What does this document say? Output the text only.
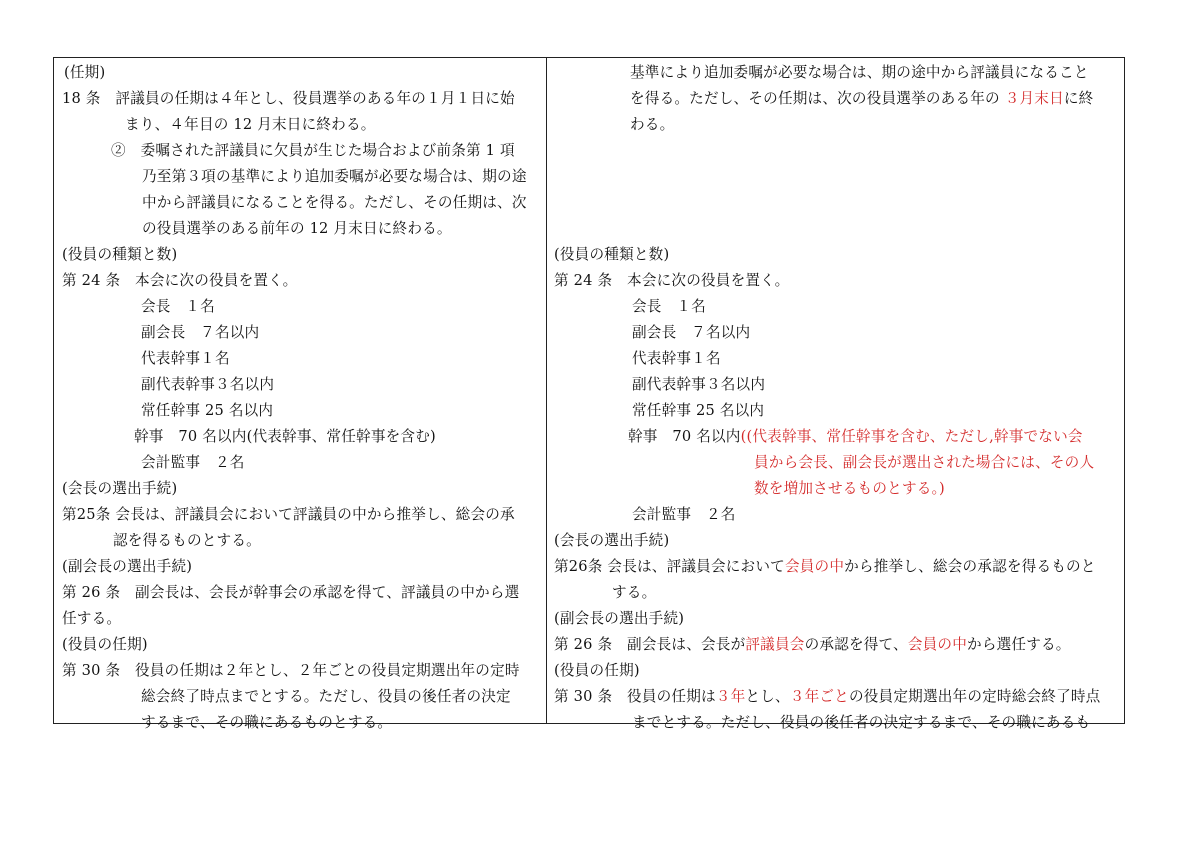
(任期)
18 条　評議員の任期は４年とし、役員選挙のある年の１月１日に始
まり、４年目の 12 月末日に終わる。
②　委嘱された評議員に欠員が生じた場合および前条第 1 項
乃至第３項の基準により追加委嘱が必要な場合は、期の途
中から評議員になることを得る。ただし、その任期は、次
の役員選挙のある前年の 12 月末日に終わる。
(役員の種類と数)
第 24 条　本会に次の役員を置く。
会長　１名
副会長　７名以内
代表幹事１名
副代表幹事３名以内
常任幹事 25 名以内
幹事　70 名以内(代表幹事、常任幹事を含む)
会計監事　２名
(会長の選出手続)
第25条 会長は、評議員会において評議員の中から推挙し、総会の承
認を得るものとする。
(副会長の選出手続)
第 26 条　副会長は、会長が幹事会の承認を得て、評議員の中から選
任する。
(役員の任期)
第 30 条　役員の任期は２年とし、２年ごとの役員定期選出年の定時
総会終了時点までとする。ただし、役員の後任者の決定
するまで、その職にあるものとする。
基準により追加委嘱が必要な場合は、期の途中から評議員になること
を得る。ただし、その任期は、次の役員選挙のある年の ３月末日に終
わる。
(役員の種類と数)
第 24 条　本会に次の役員を置く。
会長　１名
副会長　７名以内
代表幹事１名
副代表幹事３名以内
常任幹事 25 名以内
幹事　70 名以内((代表幹事、常任幹事を含む、ただし,幹事でない会
員から会長、副会長が選出された場合には、その人
数を増加させるものとする。)
会計監事　２名
(会長の選出手続)
第26条 会長は、評議員会において会員の中から推挙し、総会の承認を得るものと
する。
(副会長の選出手続)
第 26 条　副会長は、会長が評議員会の承認を得て、会員の中から選任する。
(役員の任期)
第 30 条　役員の任期は３年とし、３年ごとの役員定期選出年の定時総会終了時点
までとする。ただし、役員の後任者の決定するまで、その職にあるも
